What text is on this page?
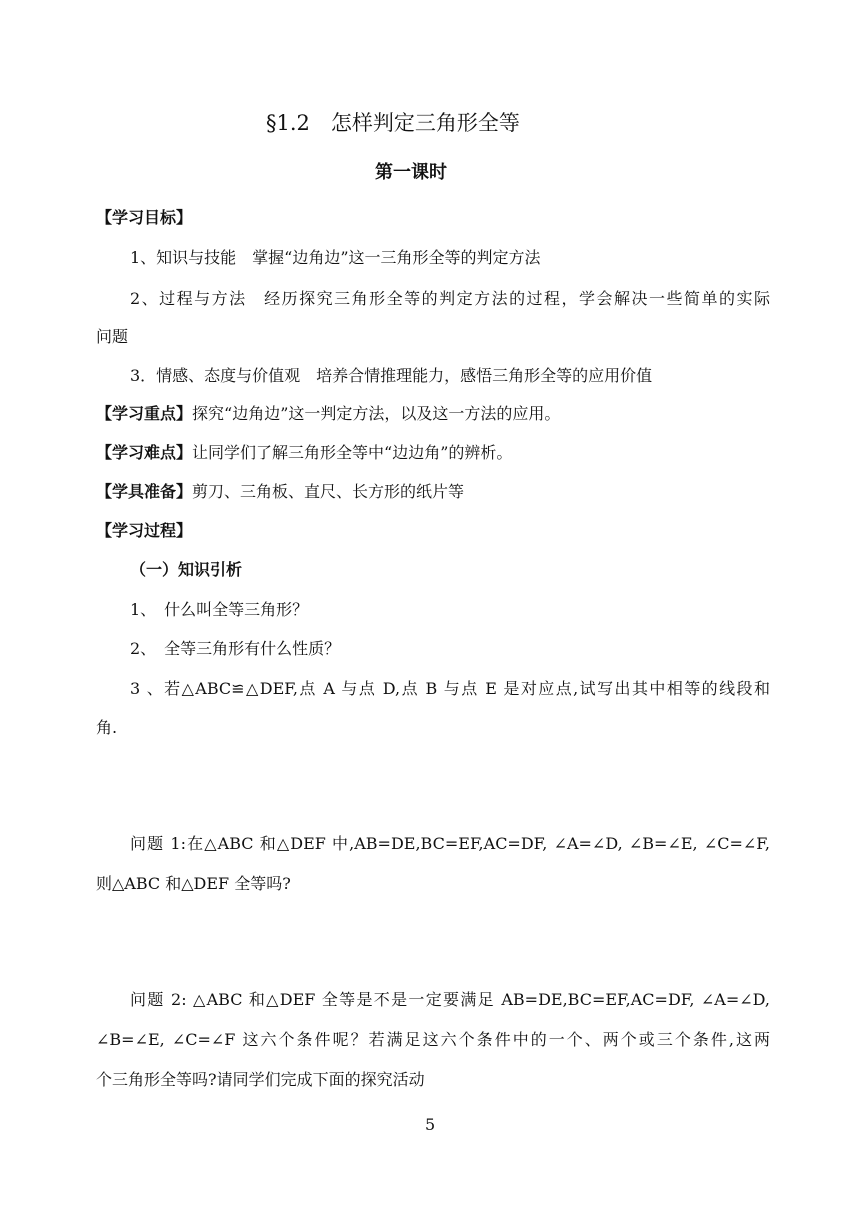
§1.2　怎样判定三角形全等
第一课时
【学习目标】
1、知识与技能　掌握“边角边”这一三角形全等的判定方法
2、过程与方法　经历探究三角形全等的判定方法的过程，学会解决一些简单的实际
问题
3．情感、态度与价值观　培养合情推理能力，感悟三角形全等的应用价值
【学习重点】探究“边角边”这一判定方法，以及这一方法的应用。
【学习难点】让同学们了解三角形全等中“边边角”的辨析。
【学具准备】剪刀、三角板、直尺、长方形的纸片等
【学习过程】
（一）知识引析
1、　什么叫全等三角形？
2、　全等三角形有什么性质？
3 、若△ABC≌△DEF,点 A 与点 D,点 B 与点 E 是对应点,试写出其中相等的线段和
角.
问题 1:在△ABC 和△DEF 中,AB=DE,BC=EF,AC=DF, ∠A=∠D, ∠B=∠E, ∠C=∠F,
则△ABC 和△DEF 全等吗?
问题 2: △ABC 和△DEF 全等是不是一定要满足 AB=DE,BC=EF,AC=DF, ∠A=∠D,
∠B=∠E, ∠C=∠F 这六个条件呢？若满足这六个条件中的一个、两个或三个条件,这两
个三角形全等吗?请同学们完成下面的探究活动
5
